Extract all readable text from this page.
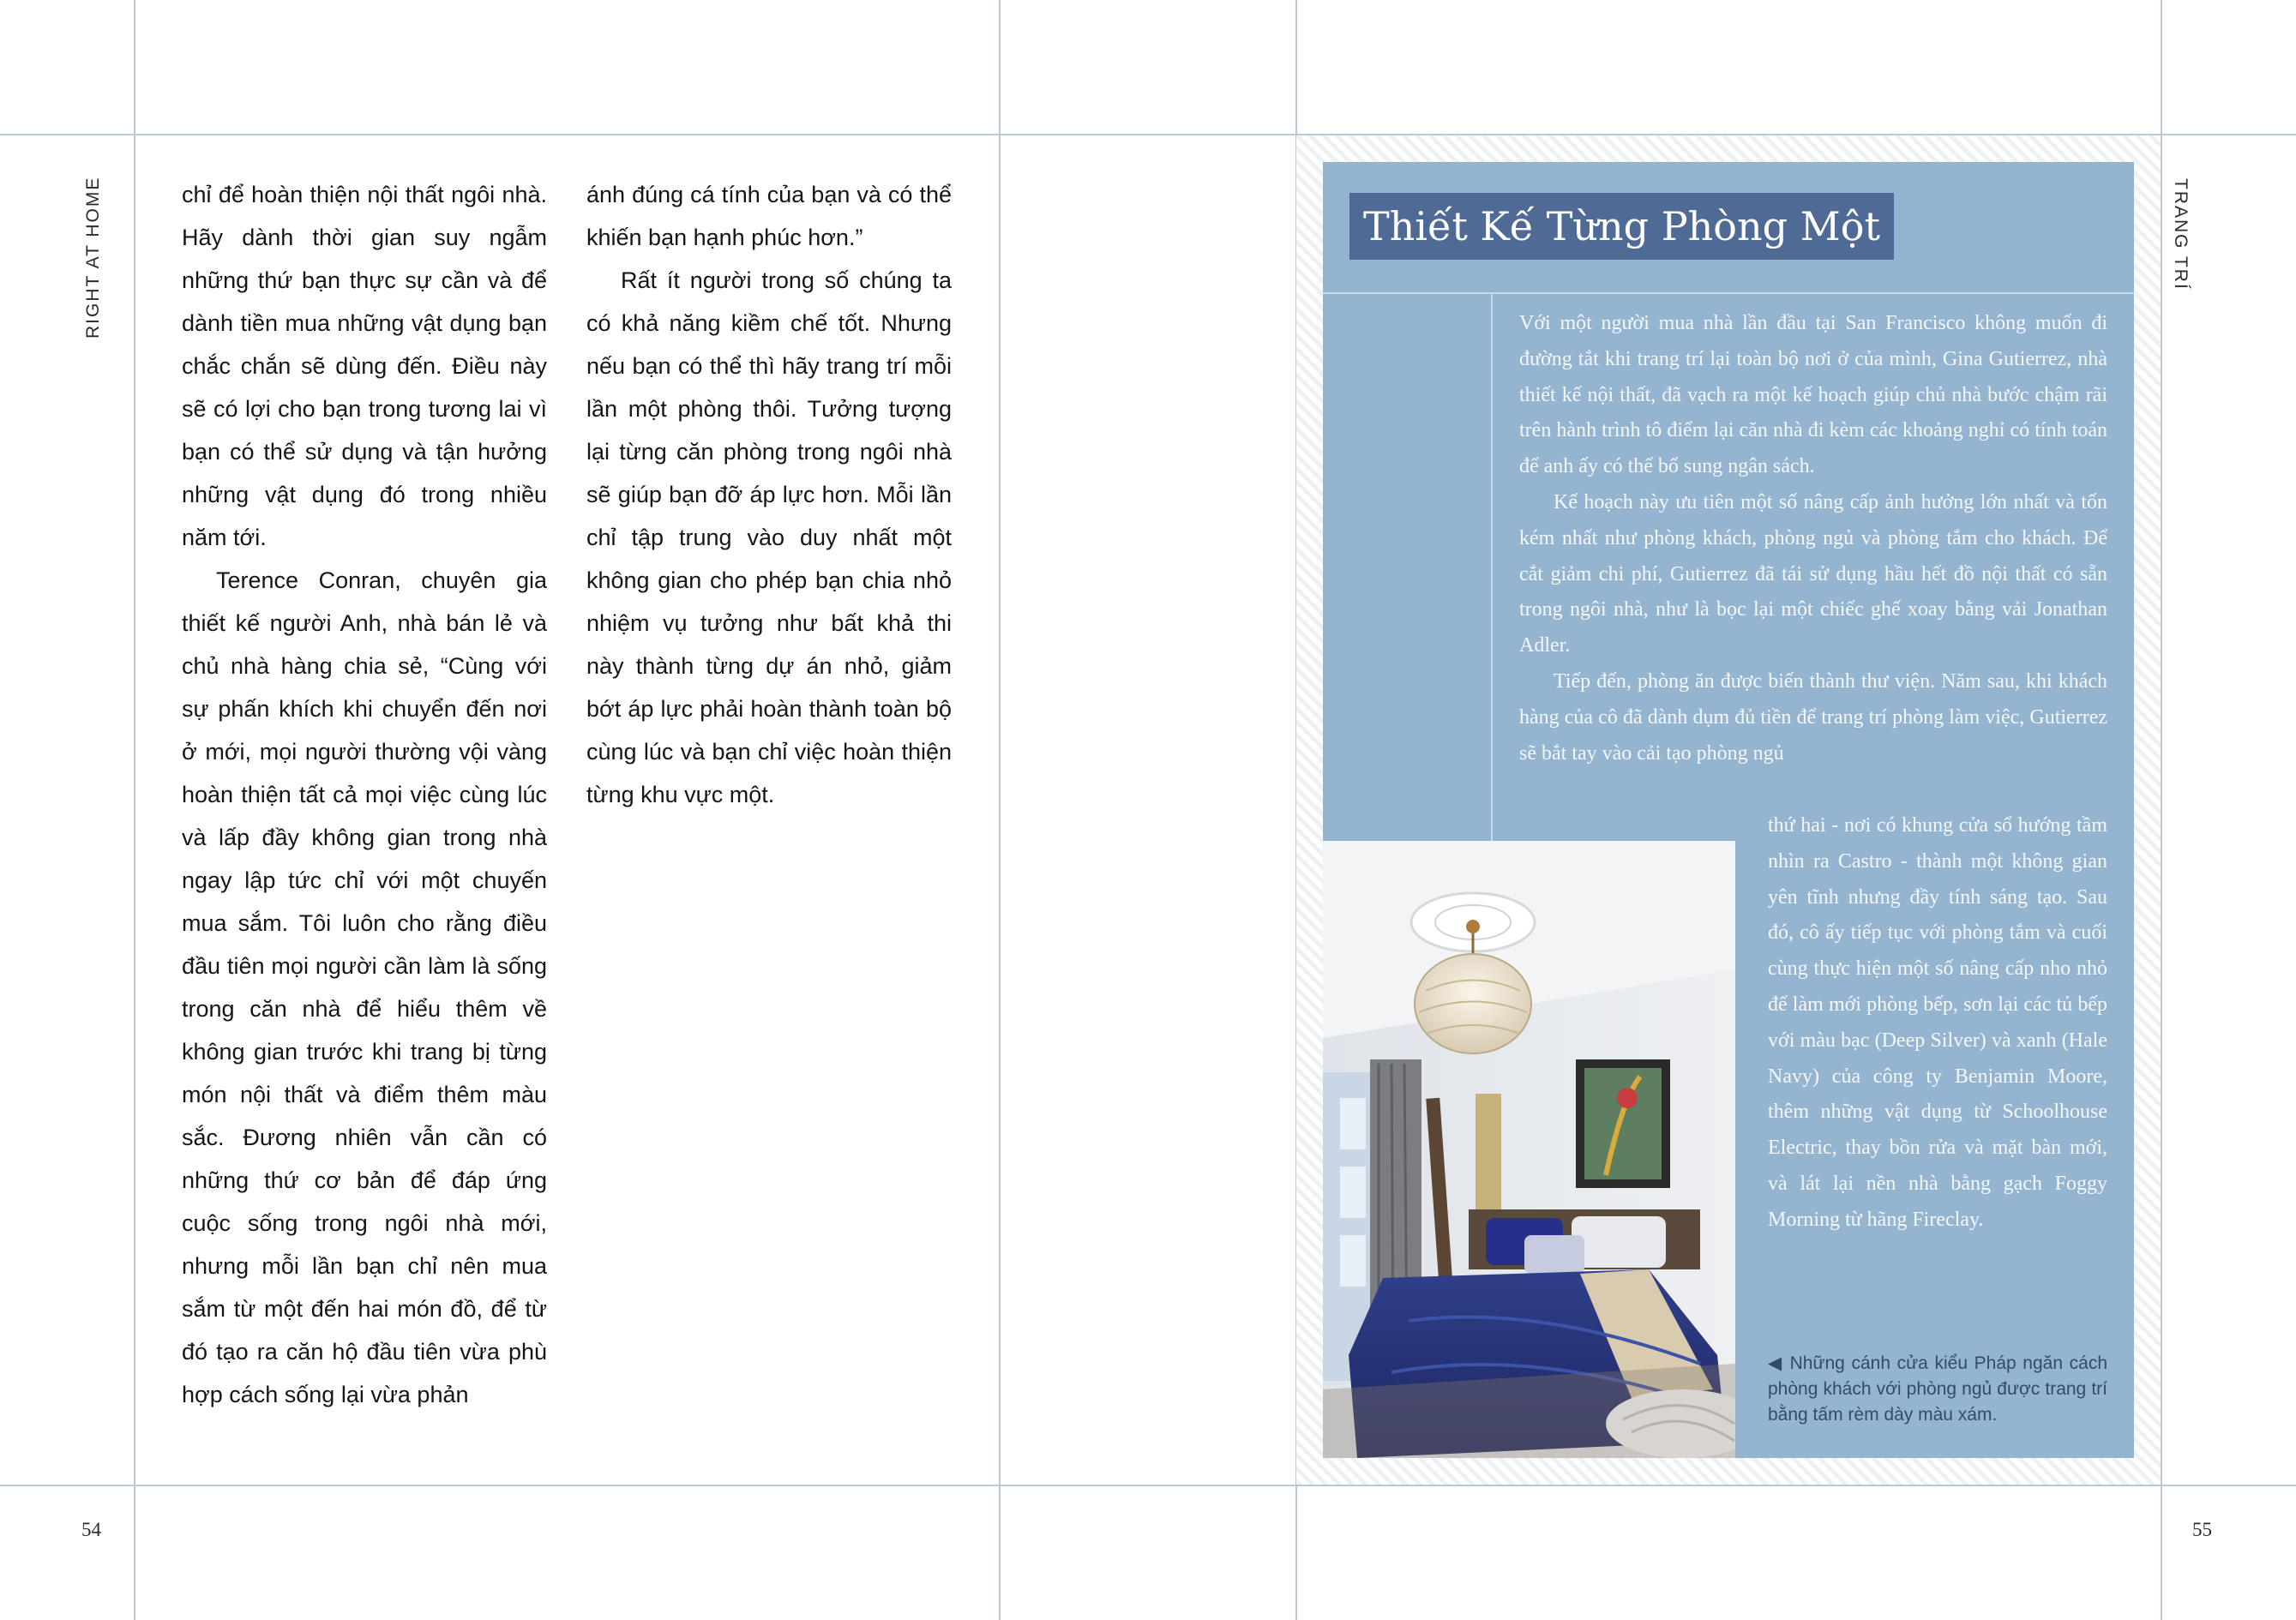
RIGHT AT HOME
54

chỉ để hoàn thiện nội thất ngôi nhà. Hãy dành thời gian suy ngẫm những thứ bạn thực sự cần và để dành tiền mua những vật dụng bạn chắc chắn sẽ dùng đến. Điều này sẽ có lợi cho bạn trong tương lai vì bạn có thể sử dụng và tận hưởng những vật dụng đó trong nhiều năm tới.

Terence Conran, chuyên gia thiết kế người Anh, nhà bán lẻ và chủ nhà hàng chia sẻ, “Cùng với sự phấn khích khi chuyển đến nơi ở mới, mọi người thường vội vàng hoàn thiện tất cả mọi việc cùng lúc và lấp đầy không gian trong nhà ngay lập tức chỉ với một chuyến mua sắm. Tôi luôn cho rằng điều đầu tiên mọi người cần làm là sống trong căn nhà để hiểu thêm về không gian trước khi trang bị từng món nội thất và điểm thêm màu sắc. Đương nhiên vẫn cần có những thứ cơ bản để đáp ứng cuộc sống trong ngôi nhà mới, nhưng mỗi lần bạn chỉ nên mua sắm từ một đến hai món đồ, để từ đó tạo ra căn hộ đầu tiên vừa phù hợp cách sống lại vừa phản

ánh đúng cá tính của bạn và có thể khiến bạn hạnh phúc hơn.”

Rất ít người trong số chúng ta có khả năng kiềm chế tốt. Nhưng nếu bạn có thể thì hãy trang trí mỗi lần một phòng thôi. Tưởng tượng lại từng căn phòng trong ngôi nhà sẽ giúp bạn đỡ áp lực hơn. Mỗi lần chỉ tập trung vào duy nhất một không gian cho phép bạn chia nhỏ nhiệm vụ tưởng như bất khả thi này thành từng dự án nhỏ, giảm bớt áp lực phải hoàn thành toàn bộ cùng lúc và bạn chỉ việc hoàn thiện từng khu vực một.

TRANG TRÍ
55
Thiết Kế Từng Phòng Một

Với một người mua nhà lần đầu tại San Francisco không muốn đi đường tắt khi trang trí lại toàn bộ nơi ở của mình, Gina Gutierrez, nhà thiết kế nội thất, đã vạch ra một kế hoạch giúp chủ nhà bước chậm rãi trên hành trình tô điểm lại căn nhà đi kèm các khoảng nghỉ có tính toán để anh ấy có thể bổ sung ngân sách.

Kế hoạch này ưu tiên một số nâng cấp ảnh hưởng lớn nhất và tốn kém nhất như phòng khách, phòng ngủ và phòng tắm cho khách. Để cắt giảm chi phí, Gutierrez đã tái sử dụng hầu hết đồ nội thất có sẵn trong ngôi nhà, như là bọc lại một chiếc ghế xoay bằng vải Jonathan Adler.

Tiếp đến, phòng ăn được biến thành thư viện. Năm sau, khi khách hàng của cô đã dành dụm đủ tiền để trang trí phòng làm việc, Gutierrez sẽ bắt tay vào cải tạo phòng ngủ

thứ hai - nơi có khung cửa sổ hướng tầm nhìn ra Castro - thành một không gian yên tĩnh nhưng đầy tính sáng tạo. Sau đó, cô ấy tiếp tục với phòng tắm và cuối cùng thực hiện một số nâng cấp nho nhỏ để làm mới phòng bếp, sơn lại các tủ bếp với màu bạc (Deep Silver) và xanh (Hale Navy) của công ty Benjamin Moore, thêm những vật dụng từ Schoolhouse Electric, thay bồn rửa và mặt bàn mới, và lát lại nền nhà bằng gạch Foggy Morning từ hãng Fireclay.

◀ Những cánh cửa kiểu Pháp ngăn cách phòng khách với phòng ngủ được trang trí bằng tấm rèm dày màu xám.
